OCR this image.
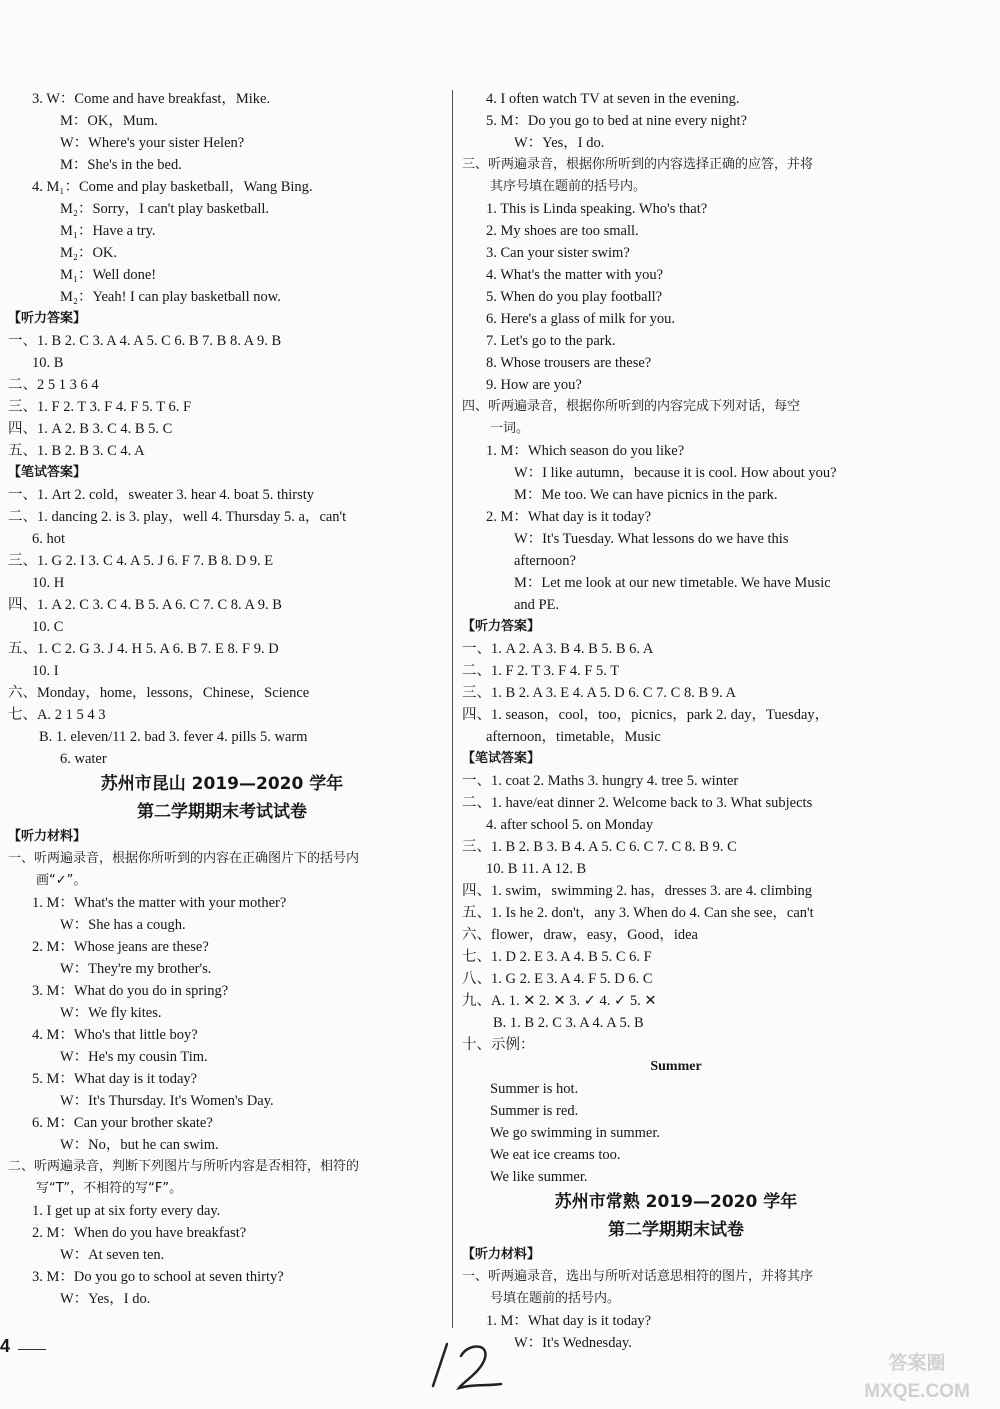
3. W：Come and have breakfast，Mike.
M：OK，Mum.
W：Where's your sister Helen?
M：She's in the bed.
4. M₁：Come and play basketball，Wang Bing.
M₂：Sorry，I can't play basketball.
M₁：Have a try.
M₂：OK.
M₁：Well done!
M₂：Yeah! I can play basketball now.
【听力答案】
一、1. B 2. C 3. A 4. A 5. C 6. B 7. B 8. A 9. B
10. B
二、2 5 1 3 6 4
三、1. F 2. T 3. F 4. F 5. T 6. F
四、1. A 2. B 3. C 4. B 5. C
五、1. B 2. B 3. C 4. A
【笔试答案】
一、1. Art 2. cold，sweater 3. hear 4. boat 5. thirsty
二、1. dancing 2. is 3. play，well 4. Thursday 5. a，can't
6. hot
三、1. G 2. I 3. C 4. A 5. J 6. F 7. B 8. D 9. E
10. H
四、1. A 2. C 3. C 4. B 5. A 6. C 7. C 8. A 9. B
10. C
五、1. C 2. G 3. J 4. H 5. A 6. B 7. E 8. F 9. D
10. I
六、Monday，home，lessons，Chinese，Science
七、A. 2 1 5 4 3
B. 1. eleven/11 2. bad 3. fever 4. pills 5. warm
6. water
苏州市昆山 2019—2020 学年
第二学期期末考试试卷
【听力材料】
一、听两遍录音，根据你所听到的内容在正确图片下的括号内
画“✓”。
1. M：What's the matter with your mother?
W：She has a cough.
2. M：Whose jeans are these?
W：They're my brother's.
3. M：What do you do in spring?
W：We fly kites.
4. M：Who's that little boy?
W：He's my cousin Tim.
5. M：What day is it today?
W：It's Thursday. It's Women's Day.
6. M：Can your brother skate?
W：No，but he can swim.
二、听两遍录音，判断下列图片与所听内容是否相符，相符的
写“T”，不相符的写“F”。
1. I get up at six forty every day.
2. M：When do you have breakfast?
W：At seven ten.
3. M：Do you go to school at seven thirty?
W：Yes，I do.
4. I often watch TV at seven in the evening.
5. M：Do you go to bed at nine every night?
W：Yes，I do.
三、听两遍录音，根据你所听到的内容选择正确的应答，并将
其序号填在题前的括号内。
1. This is Linda speaking. Who's that?
2. My shoes are too small.
3. Can your sister swim?
4. What's the matter with you?
5. When do you play football?
6. Here's a glass of milk for you.
7. Let's go to the park.
8. Whose trousers are these?
9. How are you?
四、听两遍录音，根据你所听到的内容完成下列对话，每空
一词。
1. M：Which season do you like?
W：I like autumn，because it is cool. How about you?
M：Me too. We can have picnics in the park.
2. M：What day is it today?
W：It's Tuesday. What lessons do we have this
afternoon?
M：Let me look at our new timetable. We have Music
and PE.
【听力答案】
一、1. A 2. A 3. B 4. B 5. B 6. A
二、1. F 2. T 3. F 4. F 5. T
三、1. B 2. A 3. E 4. A 5. D 6. C 7. C 8. B 9. A
四、1. season，cool，too，picnics，park 2. day，Tuesday，
afternoon，timetable，Music
【笔试答案】
一、1. coat 2. Maths 3. hungry 4. tree 5. winter
二、1. have/eat dinner 2. Welcome back to 3. What subjects
4. after school 5. on Monday
三、1. B 2. B 3. B 4. A 5. C 6. C 7. C 8. B 9. C
10. B 11. A 12. B
四、1. swim，swimming 2. has，dresses 3. are 4. climbing
五、1. Is he 2. don't，any 3. When do 4. Can she see，can't
六、flower，draw，easy，Good，idea
七、1. D 2. E 3. A 4. B 5. C 6. F
八、1. G 2. E 3. A 4. F 5. D 6. C
九、A. 1. ✕ 2. ✕ 3. ✓ 4. ✓ 5. ✕
B. 1. B 2. C 3. A 4. A 5. B
十、示例：
Summer
Summer is hot.
Summer is red.
We go swimming in summer.
We eat ice creams too.
We like summer.
苏州市常熟 2019—2020 学年
第二学期期末试卷
【听力材料】
一、听两遍录音，选出与所听对话意思相符的图片，并将其序
号填在题前的括号内。
1. M：What day is it today?
W：It's Wednesday.
4
答案圈
MXQE.COM
